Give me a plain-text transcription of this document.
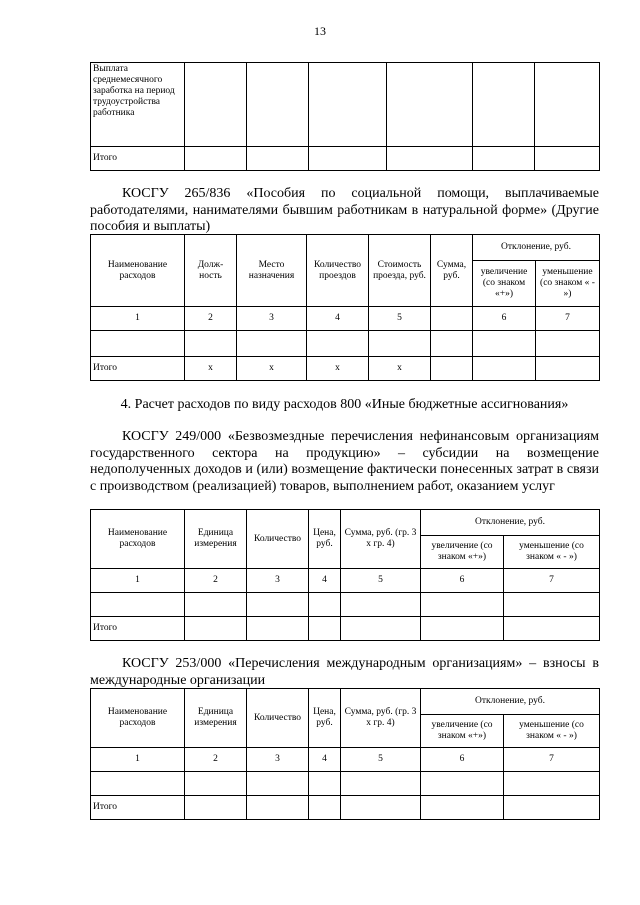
13
Выплата среднемесячного заработка на период трудоустройства работника						
Итого						
КОСГУ 265/836 «Пособия по социальной помощи, выплачиваемые работодателями, нанимателями бывшим работникам в натуральной форме» (Другие пособия и выплаты)
Наименование расходов	Долж-ность	Место назначения	Количество проездов	Стоимость проезда, руб.	Сумма, руб.	Отклонение, руб.	
						увеличение (со знаком «+»)	уменьшение (со знаком « - »)
1	2	3	4	5		6	7

Итого	х	х	х	х			
4. Расчет расходов по виду расходов 800 «Иные бюджетные ассигнования»
КОСГУ 249/000 «Безвозмездные перечисления нефинансовым организациям государственного сектора на продукцию» – субсидии на возмещение недополученных доходов и (или) возмещение фактически понесенных затрат в связи с производством (реализацией) товаров, выполнением работ, оказанием услуг
Наименование расходов	Единица измерения	Количество	Цена, руб.	Сумма, руб. (гр. 3 х гр. 4)	Отклонение, руб.	
					увеличение (со знаком «+»)	уменьшение (со знаком « - »)
1	2	3	4	5	6	7

Итого						
КОСГУ 253/000 «Перечисления международным организациям» – взносы в международные организации
Наименование расходов	Единица измерения	Количество	Цена, руб.	Сумма, руб. (гр. 3 х гр. 4)	Отклонение, руб.	
					увеличение (со знаком «+»)	уменьшение (со знаком « - »)
1	2	3	4	5	6	7

Итого						
